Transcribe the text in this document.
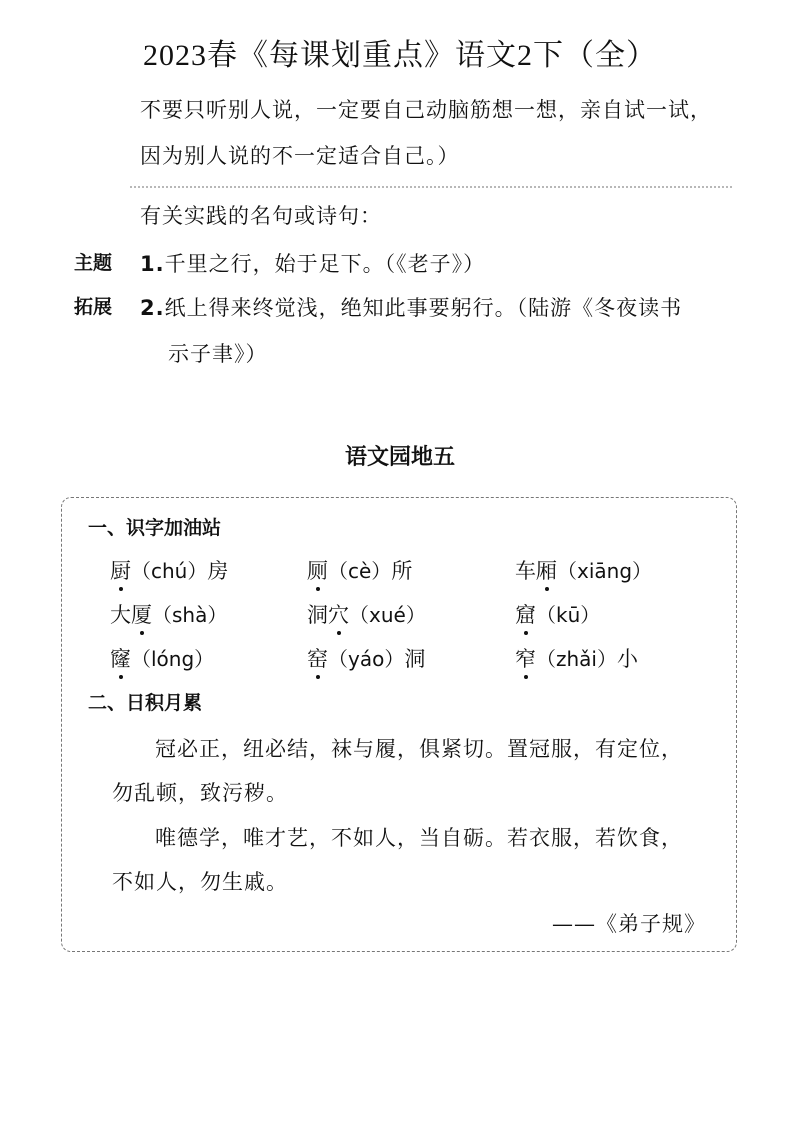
2023春《每课划重点》语文2下（全）
不要只听别人说，一定要自己动脑筋想一想，亲自试一试，
因为别人说的不一定适合自己。）
有关实践的名句或诗句：
主题
拓展
1.千里之行，始于足下。（《老子》）
2.纸上得来终觉浅，绝知此事要躬行。（陆游《冬夜读书
示子聿》）
语文园地五
一、识字加油站
厨（chú）房	厕（cè）所	车厢（xiāng）
大厦（shà）	洞穴（xué）	窟（kū）
窿（lóng）	窑（yáo）洞	窄（zhǎi）小
二、日积月累
冠必正，纽必结，袜与履，俱紧切。置冠服，有定位，
勿乱顿，致污秽。
唯德学，唯才艺，不如人，当自砺。若衣服，若饮食，
不如人，勿生戚。
——《弟子规》
